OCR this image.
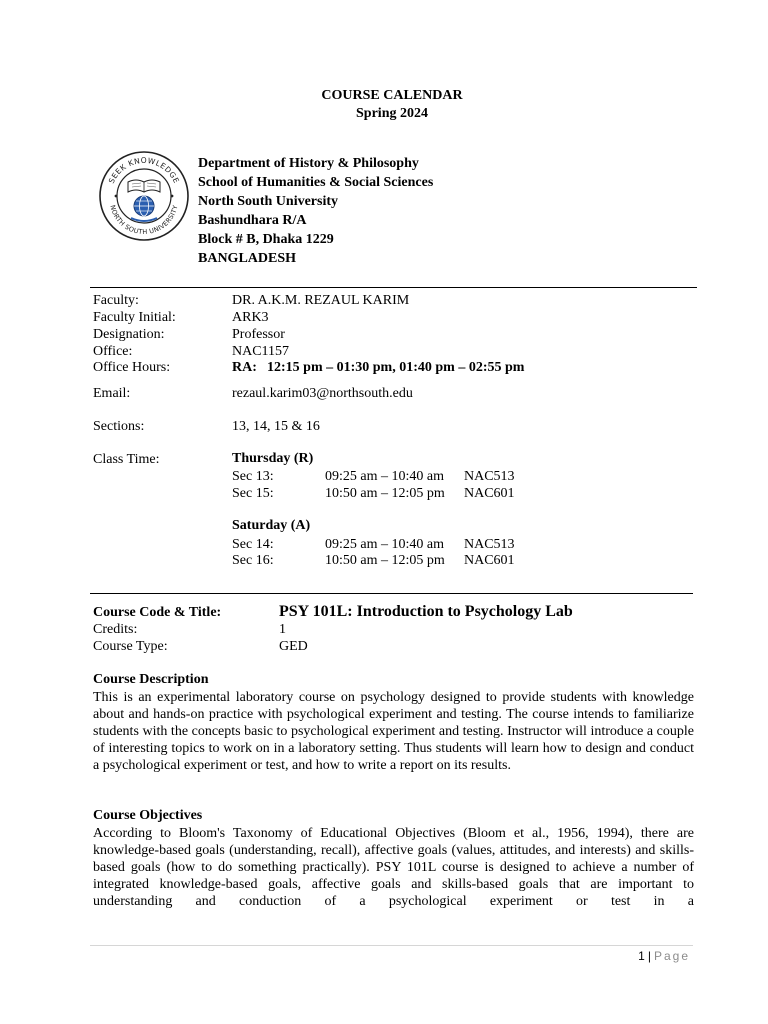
COURSE CALENDAR
Spring 2024
SEEK KNOWLEDGE
NORTH SOUTH UNIVERSITY
Department of History & Philosophy
School of Humanities & Social Sciences
North South University
Bashundhara R/A
Block # B, Dhaka 1229
BANGLADESH
Faculty:	DR. A.K.M. REZAUL KARIM
Faculty Initial:	ARK3
Designation:	Professor
Office:	NAC1157
Office Hours:	RA: 12:15 pm – 01:30 pm, 01:40 pm – 02:55 pm
Email:	rezaul.karim03@northsouth.edu
Sections:	13, 14, 15 & 16
Class Time:	Thursday (R)
Sec 13:	09:25 am – 10:40 am NAC513
Sec 15:	10:50 am – 12:05 pm NAC601
Saturday (A)
Sec 14:	09:25 am – 10:40 am NAC513
Sec 16:	10:50 am – 12:05 pm NAC601
Course Code & Title:	PSY 101L: Introduction to Psychology Lab
Credits:	1
Course Type:	GED
Course Description
This is an experimental laboratory course on psychology designed to provide students with knowledge about and hands-on practice with psychological experiment and testing. The course intends to familiarize students with the concepts basic to psychological experiment and testing. Instructor will introduce a couple of interesting topics to work on in a laboratory setting. Thus students will learn how to design and conduct a psychological experiment or test, and how to write a report on its results.
Course Objectives
According to Bloom's Taxonomy of Educational Objectives (Bloom et al., 1956, 1994), there are knowledge-based goals (understanding, recall), affective goals (values, attitudes, and interests) and skills-based goals (how to do something practically). PSY 101L course is designed to achieve a number of integrated knowledge-based goals, affective goals and skills-based goals that are important to understanding and conduction of a psychological experiment or test in a
1 | Page
